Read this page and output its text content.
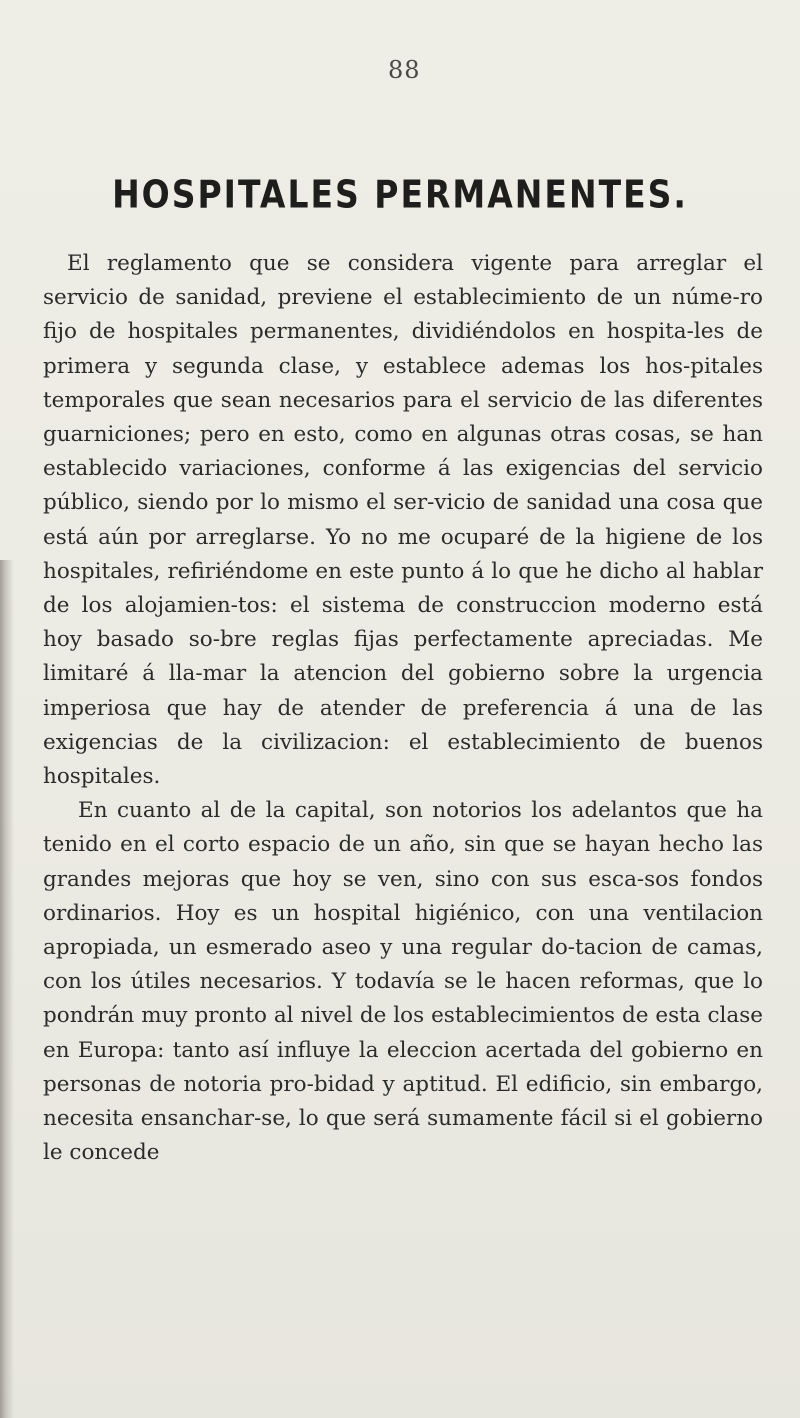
88
HOSPITALES PERMANENTES.

El reglamento que se considera vigente para arreglar el servicio de sanidad, previene el establecimiento de un núme-ro fijo de hospitales permanentes, dividiéndolos en hospita-les de primera y segunda clase, y establece ademas los hos-pitales temporales que sean necesarios para el servicio de las diferentes guarniciones; pero en esto, como en algunas otras cosas, se han establecido variaciones, conforme á las exigencias del servicio público, siendo por lo mismo el ser-vicio de sanidad una cosa que está aún por arreglarse. Yo no me ocuparé de la higiene de los hospitales, refiriéndome en este punto á lo que he dicho al hablar de los alojamien-tos: el sistema de construccion moderno está hoy basado so-bre reglas fijas perfectamente apreciadas. Me limitaré á lla-mar la atencion del gobierno sobre la urgencia imperiosa que hay de atender de preferencia á una de las exigencias de la civilizacion: el establecimiento de buenos hospitales.

En cuanto al de la capital, son notorios los adelantos que ha tenido en el corto espacio de un año, sin que se hayan hecho las grandes mejoras que hoy se ven, sino con sus esca-sos fondos ordinarios. Hoy es un hospital higiénico, con una ventilacion apropiada, un esmerado aseo y una regular do-tacion de camas, con los útiles necesarios. Y todavía se le hacen reformas, que lo pondrán muy pronto al nivel de los establecimientos de esta clase en Europa: tanto así influye la eleccion acertada del gobierno en personas de notoria pro-bidad y aptitud. El edificio, sin embargo, necesita ensanchar-se, lo que será sumamente fácil si el gobierno le concede
